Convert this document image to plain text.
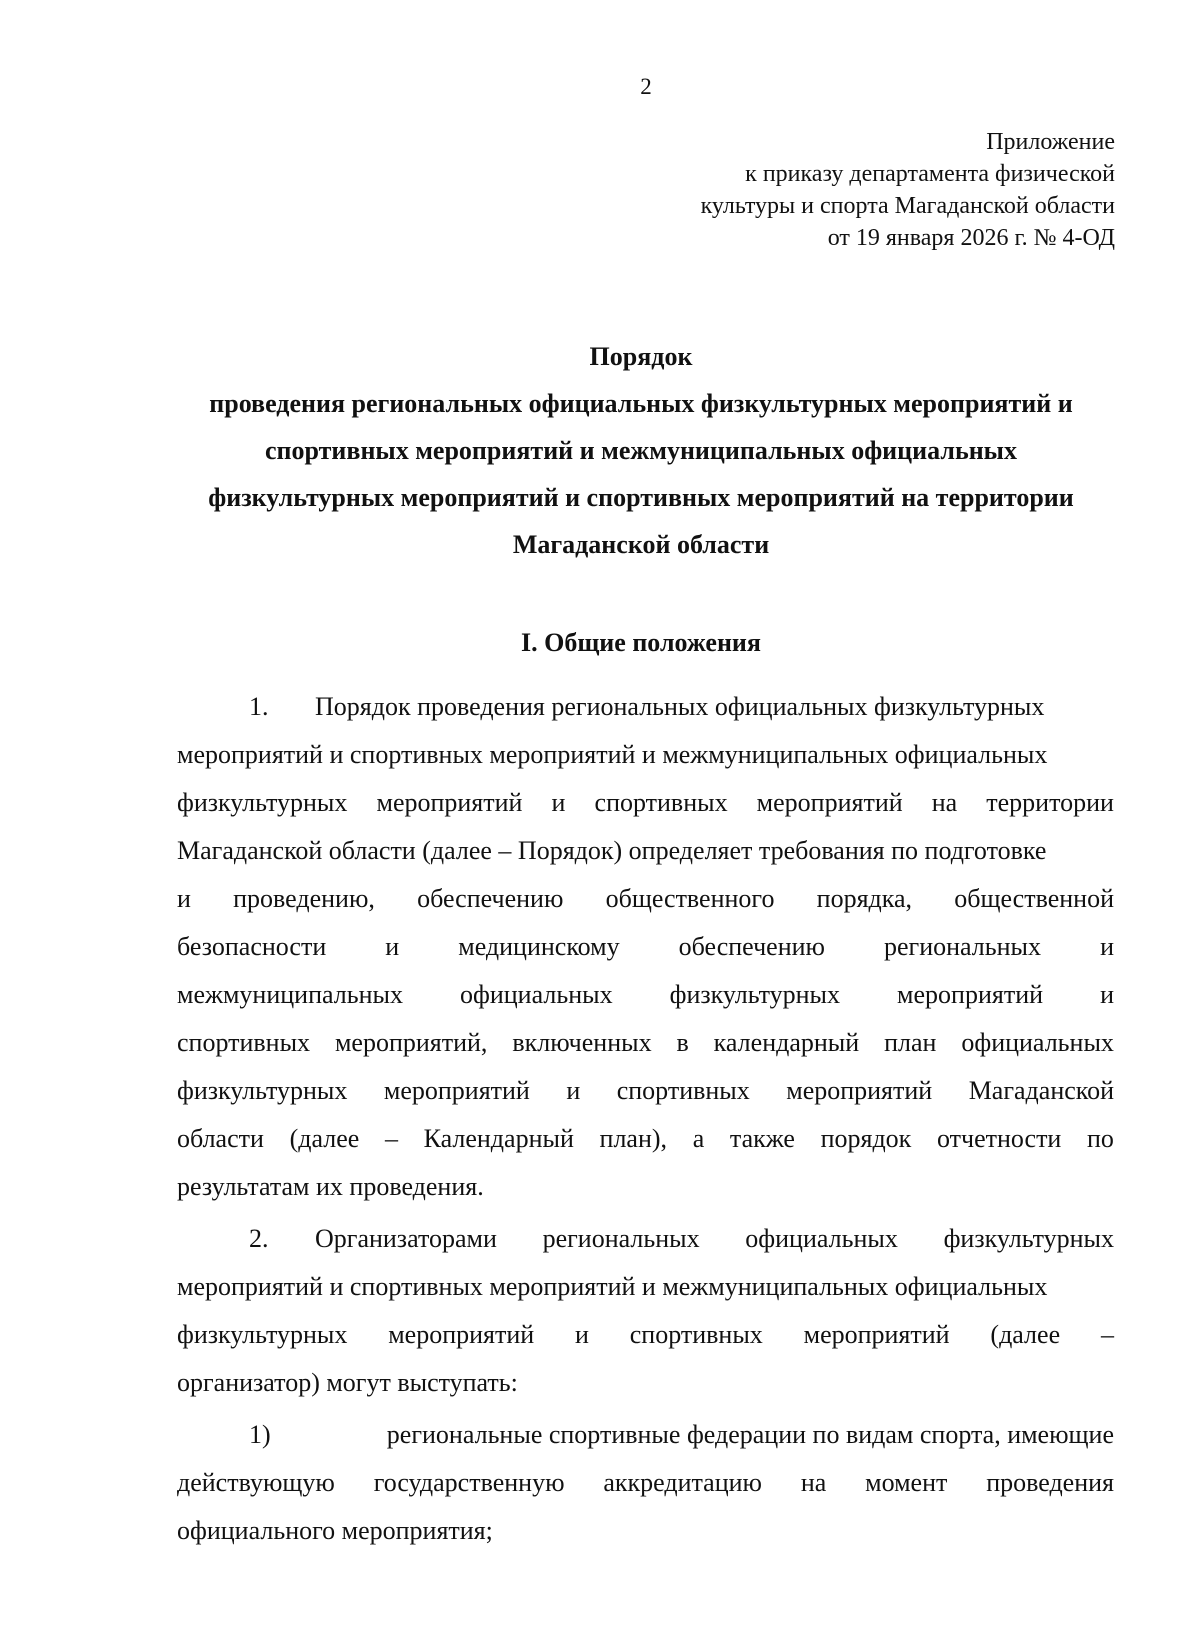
2
Приложение
к приказу департамента физической
культуры и спорта Магаданской области
от 19 января 2026 г. № 4-ОД
Порядок
проведения региональных официальных физкультурных мероприятий и
спортивных мероприятий и межмуниципальных официальных
физкультурных мероприятий и спортивных мероприятий на территории
Магаданской области
I. Общие положения
1.	Порядок проведения региональных официальных физкультурных
мероприятий и спортивных мероприятий и межмуниципальных официальных
физкультурных мероприятий и спортивных мероприятий на территории
Магаданской области (далее – Порядок) определяет требования по подготовке
и проведению, обеспечению общественного порядка, общественной
безопасности и медицинскому обеспечению региональных и
межмуниципальных официальных физкультурных мероприятий и
спортивных мероприятий, включенных в календарный план официальных
физкультурных мероприятий и спортивных мероприятий Магаданской
области (далее – Календарный план), а также порядок отчетности по
результатам их проведения.
2.	Организаторами региональных официальных физкультурных
мероприятий и спортивных мероприятий и межмуниципальных официальных
физкультурных мероприятий и спортивных мероприятий (далее –
организатор) могут выступать:
1)	региональные спортивные федерации по видам спорта, имеющие
действующую государственную аккредитацию на момент проведения
официального мероприятия;
